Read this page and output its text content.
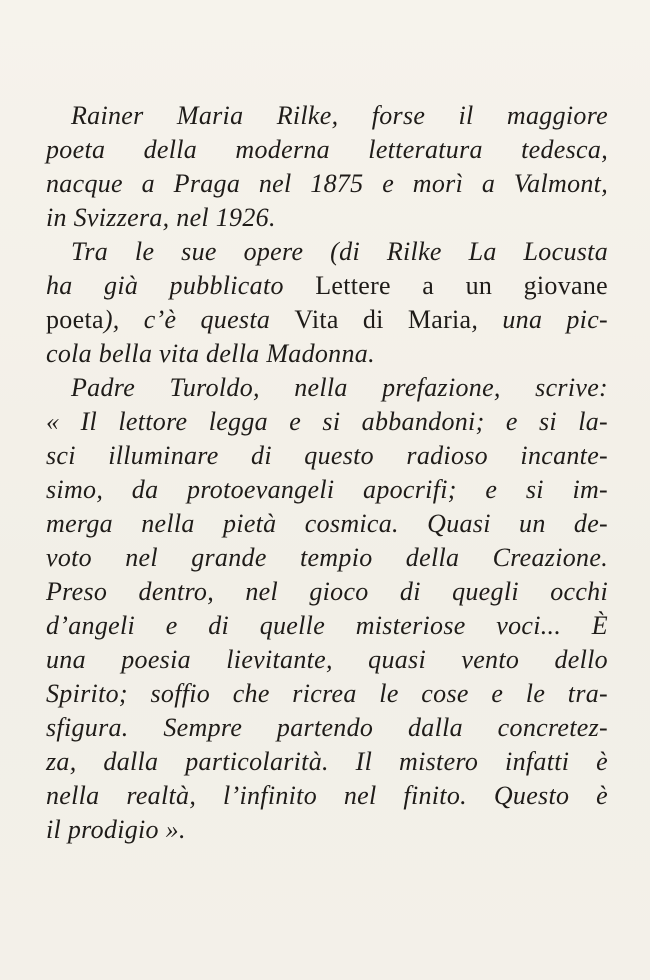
Rainer Maria Rilke, forse il maggiore
poeta della moderna letteratura tedesca,
nacque a Praga nel 1875 e morì a Valmont,
in Svizzera, nel 1926.
Tra le sue opere (di Rilke La Locusta
ha già pubblicato Lettere a un giovane
poeta), c’è questa Vita di Maria, una pic-
cola bella vita della Madonna.
Padre Turoldo, nella prefazione, scrive:
« Il lettore legga e si abbandoni; e si la-
sci illuminare di questo radioso incante-
simo, da protoevangeli apocrifi; e si im-
merga nella pietà cosmica. Quasi un de-
voto nel grande tempio della Creazione.
Preso dentro, nel gioco di quegli occhi
d’angeli e di quelle misteriose voci... È
una poesia lievitante, quasi vento dello
Spirito; soffio che ricrea le cose e le tra-
sfigura. Sempre partendo dalla concretez-
za, dalla particolarità. Il mistero infatti è
nella realtà, l’infinito nel finito. Questo è
il prodigio ».
